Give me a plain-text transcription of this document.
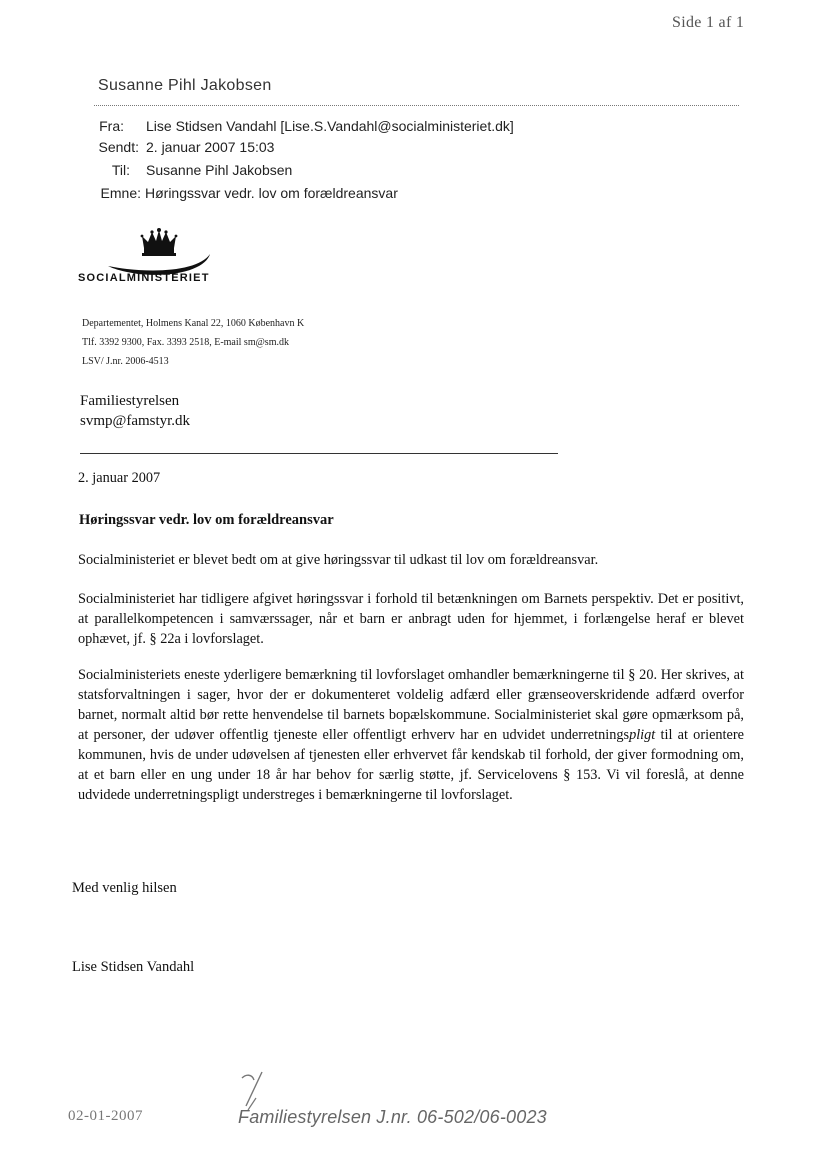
Side 1 af 1
Susanne Pihl Jakobsen
Fra: Lise Stidsen Vandahl [Lise.S.Vandahl@socialministeriet.dk]
Sendt: 2. januar 2007 15:03
Til: Susanne Pihl Jakobsen
Emne: Høringssvar vedr. lov om forældreansvar
SOCIALMINISTERIET
Departementet, Holmens Kanal 22, 1060 København K
Tlf. 3392 9300, Fax. 3393 2518, E-mail sm@sm.dk
LSV/ J.nr. 2006-4513
Familiestyrelsen
svmp@famstyr.dk

2. januar 2007

Høringssvar vedr. lov om forældreansvar

Socialministeriet er blevet bedt om at give høringssvar til udkast til lov om forældreansvar.

Socialministeriet har tidligere afgivet høringssvar i forhold til betænkningen om Barnets perspektiv. Det er positivt, at parallelkompetencen i samværssager, når et barn er anbragt uden for hjemmet, i forlængelse heraf er blevet ophævet, jf. § 22a i lovforslaget.

Socialministeriets eneste yderligere bemærkning til lovforslaget omhandler bemærkningerne til § 20. Her skrives, at statsforvaltningen i sager, hvor der er dokumenteret voldelig adfærd eller grænseoverskridende adfærd overfor barnet, normalt altid bør rette henvendelse til barnets bopælskommune. Socialministeriet skal gøre opmærksom på, at personer, der udøver offentlig tjeneste eller offentligt erhverv har en udvidet underretningspligt til at orientere kommunen, hvis de under udøvelsen af tjenesten eller erhvervet får kendskab til forhold, der giver formodning om, at et barn eller en ung under 18 år har behov for særlig støtte, jf. Servicelovens § 153. Vi vil foreslå, at denne udvidede underretningspligt understreges i bemærkningerne til lovforslaget.

Med venlig hilsen
Lise Stidsen Vandahl
02-01-2007	Familiestyrelsen J.nr. 06-502/06-0023
